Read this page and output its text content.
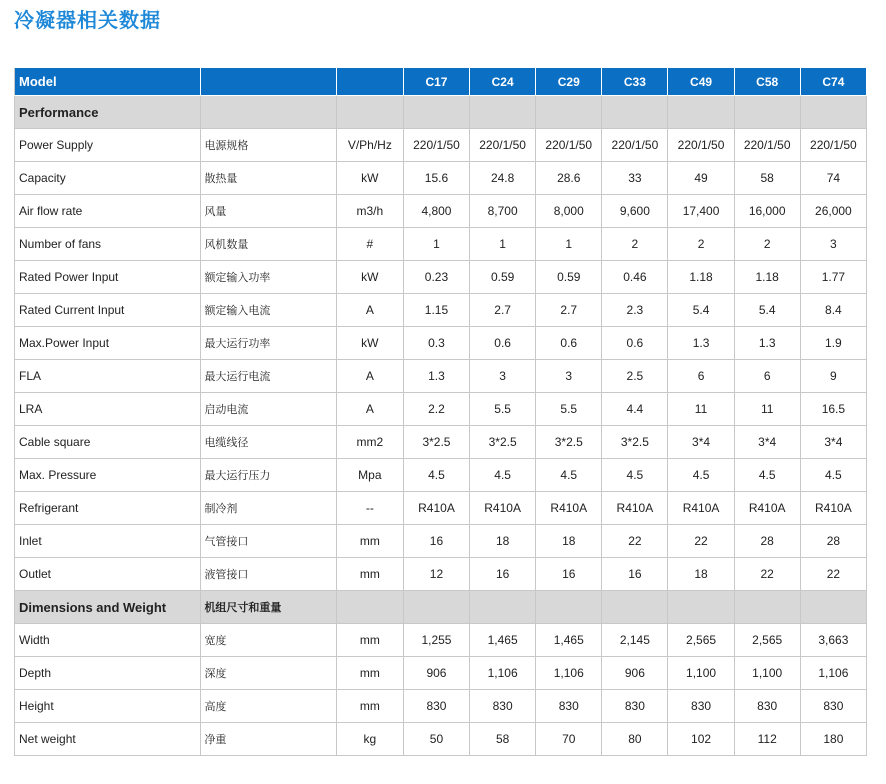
冷凝器相关数据
Model			C17	C24	C29	C33	C49	C58	C74
Performance									
Power Supply	电源规格	V/Ph/Hz	220/1/50	220/1/50	220/1/50	220/1/50	220/1/50	220/1/50	220/1/50
Capacity	散热量	kW	15.6	24.8	28.6	33	49	58	74
Air flow rate	风量	m3/h	4,800	8,700	8,000	9,600	17,400	16,000	26,000
Number of fans	风机数量	#	1	1	1	2	2	2	3
Rated Power Input	额定输入功率	kW	0.23	0.59	0.59	0.46	1.18	1.18	1.77
Rated Current Input	额定输入电流	A	1.15	2.7	2.7	2.3	5.4	5.4	8.4
Max.Power Input	最大运行功率	kW	0.3	0.6	0.6	0.6	1.3	1.3	1.9
FLA	最大运行电流	A	1.3	3	3	2.5	6	6	9
LRA	启动电流	A	2.2	5.5	5.5	4.4	11	11	16.5
Cable square	电缆线径	mm2	3*2.5	3*2.5	3*2.5	3*2.5	3*4	3*4	3*4
Max. Pressure	最大运行压力	Mpa	4.5	4.5	4.5	4.5	4.5	4.5	4.5
Refrigerant	制冷剂	--	R410A	R410A	R410A	R410A	R410A	R410A	R410A
Inlet	气管接口	mm	16	18	18	22	22	28	28
Outlet	液管接口	mm	12	16	16	16	18	22	22
Dimensions and Weight	机组尺寸和重量								
Width	宽度	mm	1,255	1,465	1,465	2,145	2,565	2,565	3,663
Depth	深度	mm	906	1,106	1,106	906	1,100	1,100	1,106
Height	高度	mm	830	830	830	830	830	830	830
Net weight	净重	kg	50	58	70	80	102	112	180
